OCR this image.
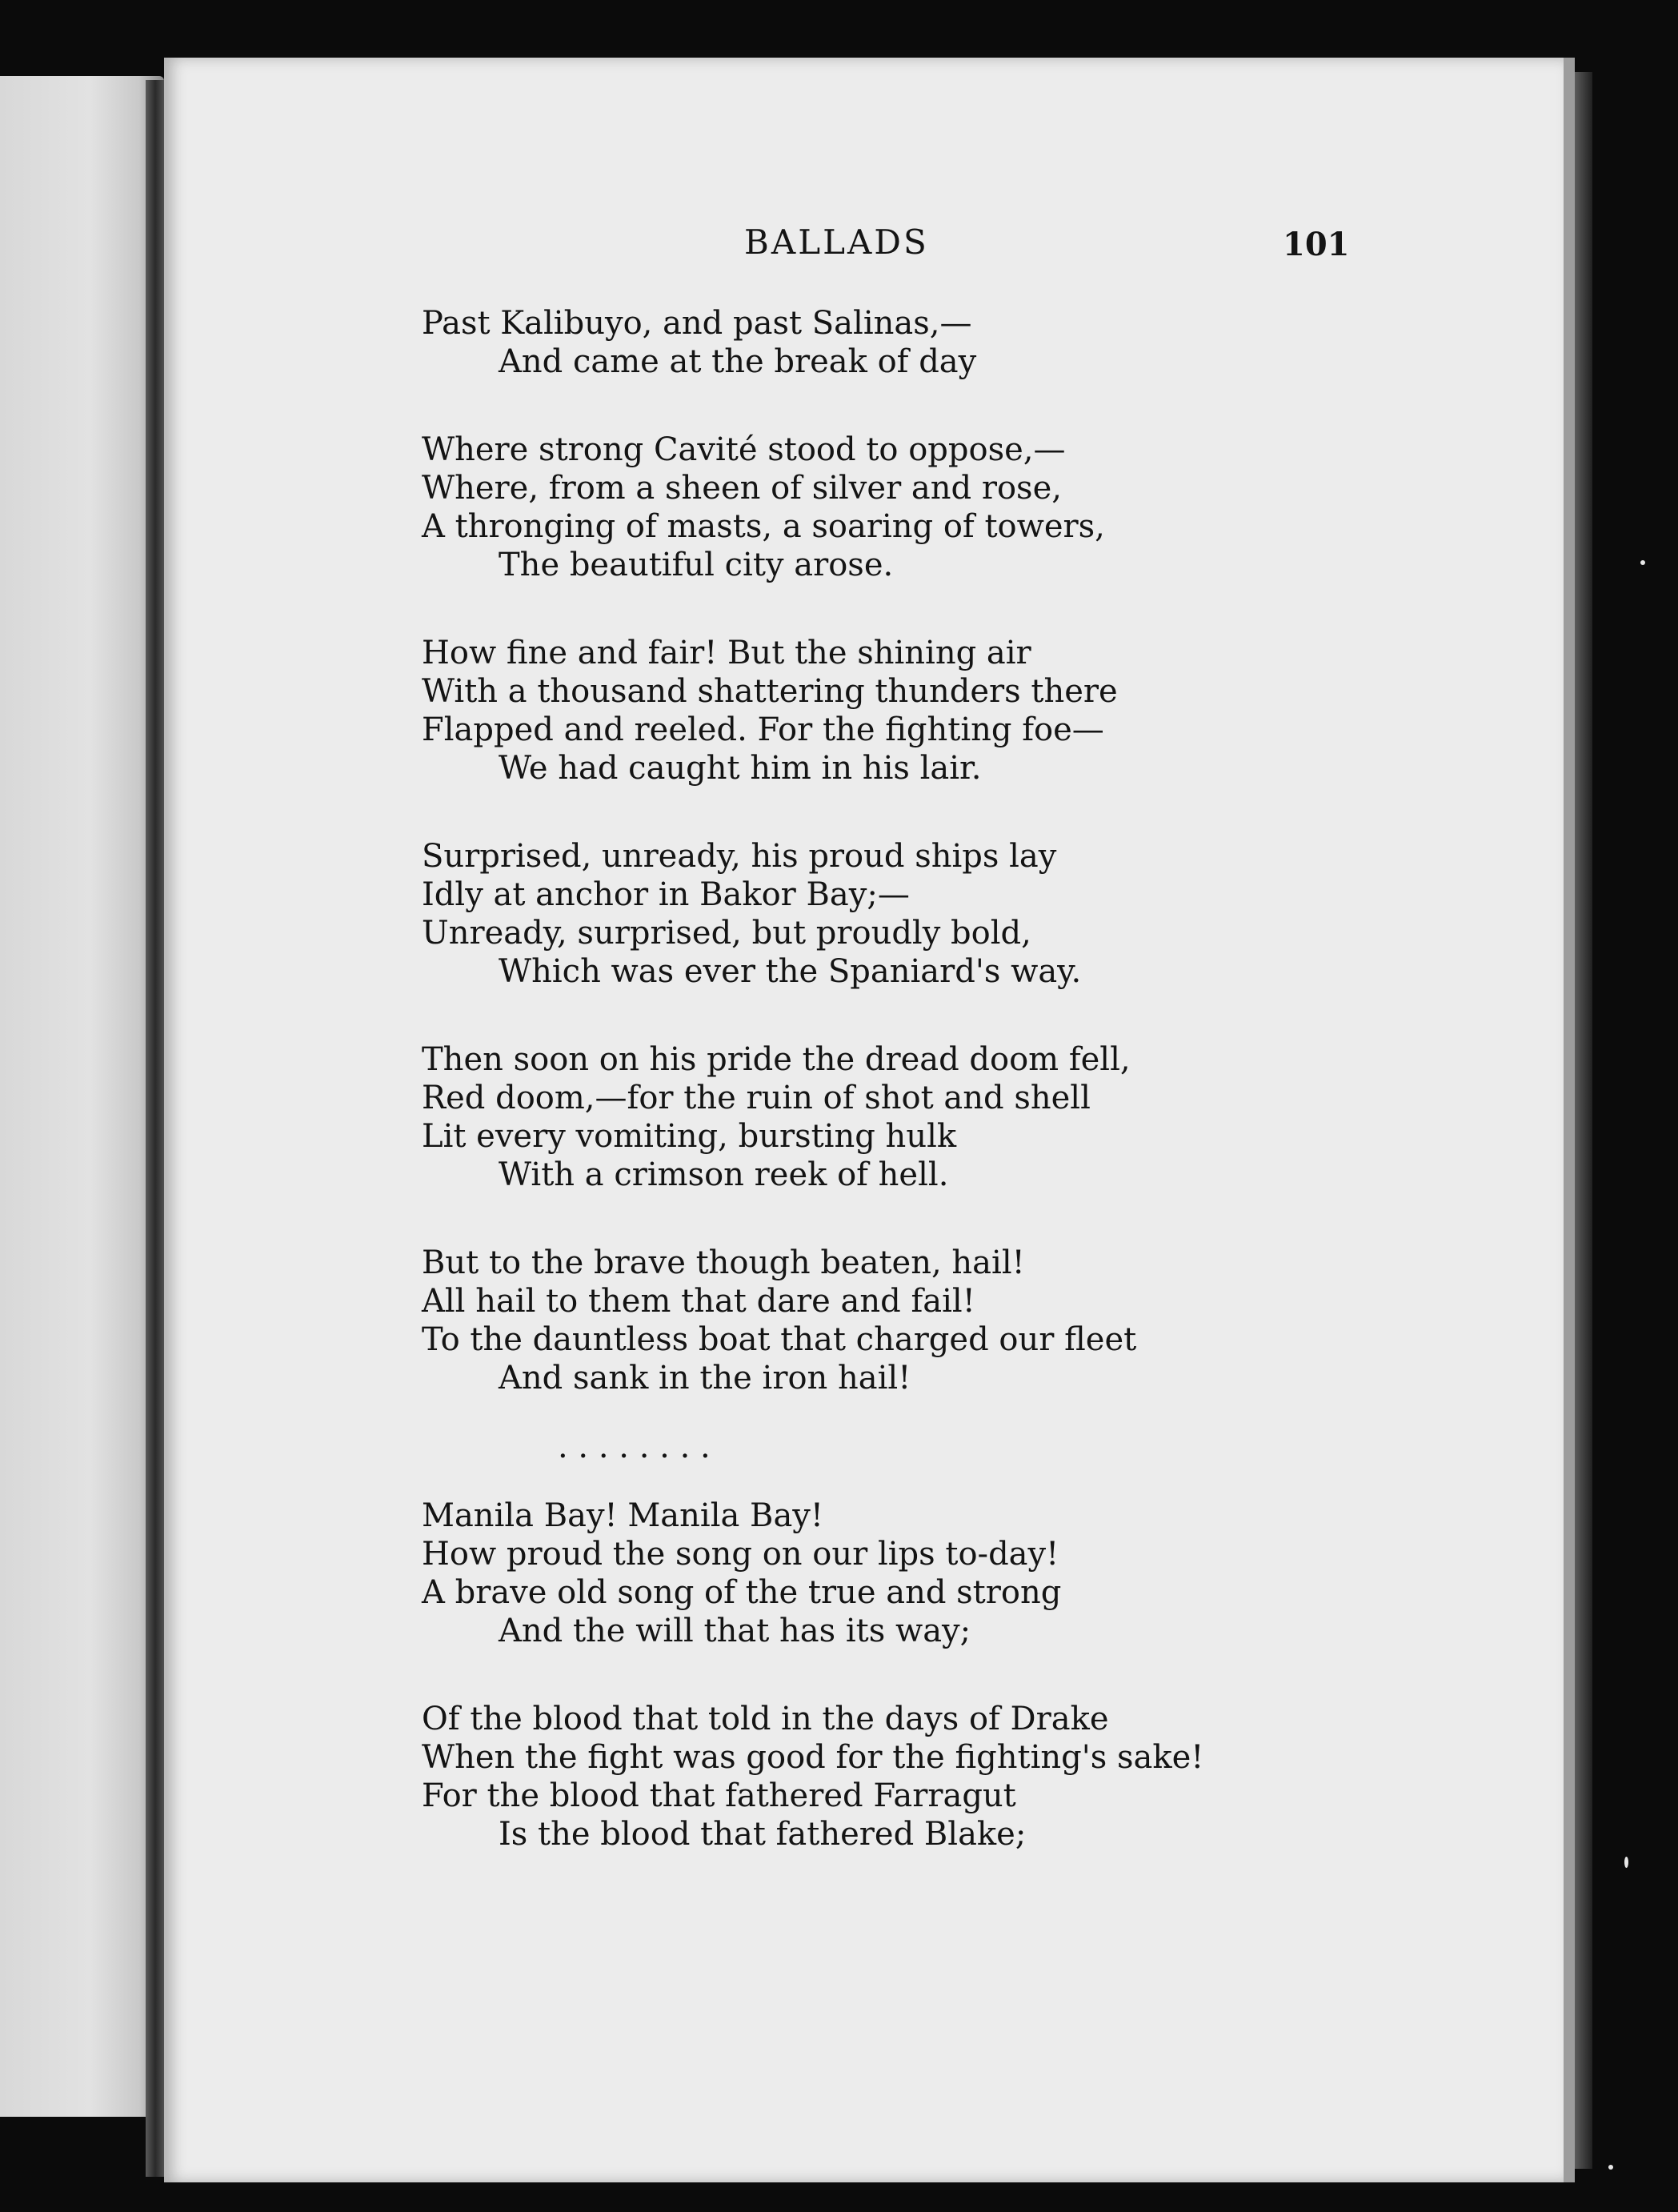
BALLADS	101
Past Kalibuyo, and past Salinas,—
And came at the break of day
Where strong Cavité stood to oppose,—
Where, from a sheen of silver and rose,
A thronging of masts, a soaring of towers,
The beautiful city arose.
How fine and fair! But the shining air
With a thousand shattering thunders there
Flapped and reeled. For the fighting foe—
We had caught him in his lair.
Surprised, unready, his proud ships lay
Idly at anchor in Bakor Bay;—
Unready, surprised, but proudly bold,
Which was ever the Spaniard's way.
Then soon on his pride the dread doom fell,
Red doom,—for the ruin of shot and shell
Lit every vomiting, bursting hulk
With a crimson reek of hell.
But to the brave though beaten, hail!
All hail to them that dare and fail!
To the dauntless boat that charged our fleet
And sank in the iron hail!
. . . . . . . .
Manila Bay! Manila Bay!
How proud the song on our lips to-day!
A brave old song of the true and strong
And the will that has its way;
Of the blood that told in the days of Drake
When the fight was good for the fighting's sake!
For the blood that fathered Farragut
Is the blood that fathered Blake;
